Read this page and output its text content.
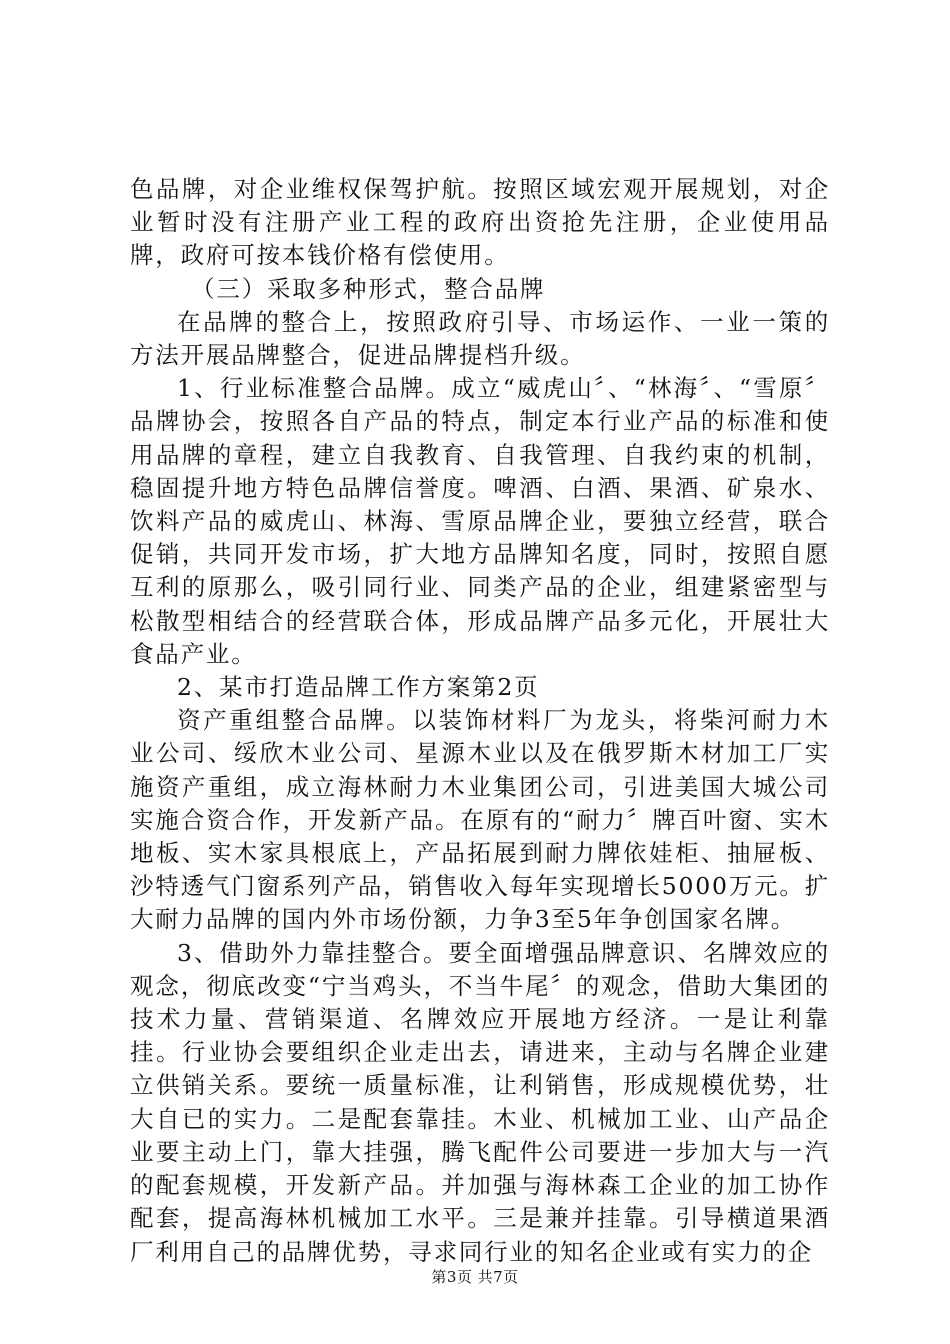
色品牌，对企业维权保驾护航。按照区域宏观开展规划，对企业暂时没有注册产业工程的政府出资抢先注册，企业使用品牌，政府可按本钱价格有偿使用。

（三）采取多种形式，整合品牌

在品牌的整合上，按照政府引导、市场运作、一业一策的方法开展品牌整合，促进品牌提档升级。

1、行业标准整合品牌。成立“威虎山〞、“林海〞、“雪原〞品牌协会，按照各自产品的特点，制定本行业产品的标准和使用品牌的章程，建立自我教育、自我管理、自我约束的机制，稳固提升地方特色品牌信誉度。啤酒、白酒、果酒、矿泉水、饮料产品的威虎山、林海、雪原品牌企业，要独立经营，联合促销，共同开发市场，扩大地方品牌知名度，同时，按照自愿互利的原那么，吸引同行业、同类产品的企业，组建紧密型与松散型相结合的经营联合体，形成品牌产品多元化，开展壮大食品产业。

2、某市打造品牌工作方案第2页

资产重组整合品牌。以装饰材料厂为龙头，将柴河耐力木业公司、绥欣木业公司、星源木业以及在俄罗斯木材加工厂实施资产重组，成立海林耐力木业集团公司，引进美国大城公司实施合资合作，开发新产品。在原有的“耐力〞牌百叶窗、实木地板、实木家具根底上，产品拓展到耐力牌依娃柜、抽屉板、沙特透气门窗系列产品，销售收入每年实现增长5000万元。扩大耐力品牌的国内外市场份额，力争3至5年争创国家名牌。

3、借助外力靠挂整合。要全面增强品牌意识、名牌效应的观念，彻底改变“宁当鸡头，不当牛尾〞的观念，借助大集团的技术力量、营销渠道、名牌效应开展地方经济。一是让利靠挂。行业协会要组织企业走出去，请进来，主动与名牌企业建立供销关系。要统一质量标准，让利销售，形成规模优势，壮大自已的实力。二是配套靠挂。木业、机械加工业、山产品企业要主动上门，靠大挂强，腾飞配件公司要进一步加大与一汽的配套规模，开发新产品。并加强与海林森工企业的加工协作配套，提高海林机械加工水平。三是兼并挂靠。引导横道果酒厂利用自己的品牌优势，寻求同行业的知名企业或有实力的企

第3页 共7页
